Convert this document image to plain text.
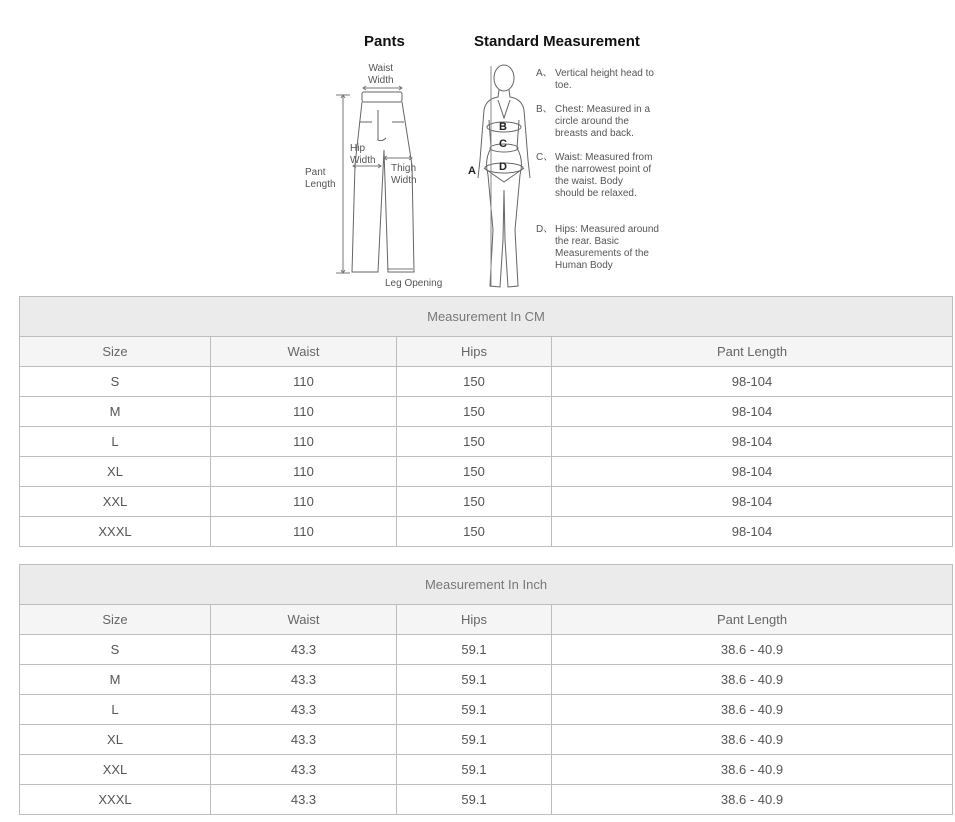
Pants	Standard Measurement
Waist
Width
Hip
Width
Thigh
Width
Pant
Length
Leg Opening
B
C
D
A
A、 Vertical height head to toe.
B、 Chest: Measured in a circle around the breasts and back.
C、 Waist: Measured from the narrowest point of the waist. Body should be relaxed.
D、 Hips: Measured around the rear. Basic Measurements of the Human Body
Measurement In CM			
Size	Waist	Hips	Pant Length
S	110	150	98-104
M	110	150	98-104
L	110	150	98-104
XL	110	150	98-104
XXL	110	150	98-104
XXXL	110	150	98-104
Measurement In Inch			
Size	Waist	Hips	Pant Length
S	43.3	59.1	38.6 - 40.9
M	43.3	59.1	38.6 - 40.9
L	43.3	59.1	38.6 - 40.9
XL	43.3	59.1	38.6 - 40.9
XXL	43.3	59.1	38.6 - 40.9
XXXL	43.3	59.1	38.6 - 40.9
